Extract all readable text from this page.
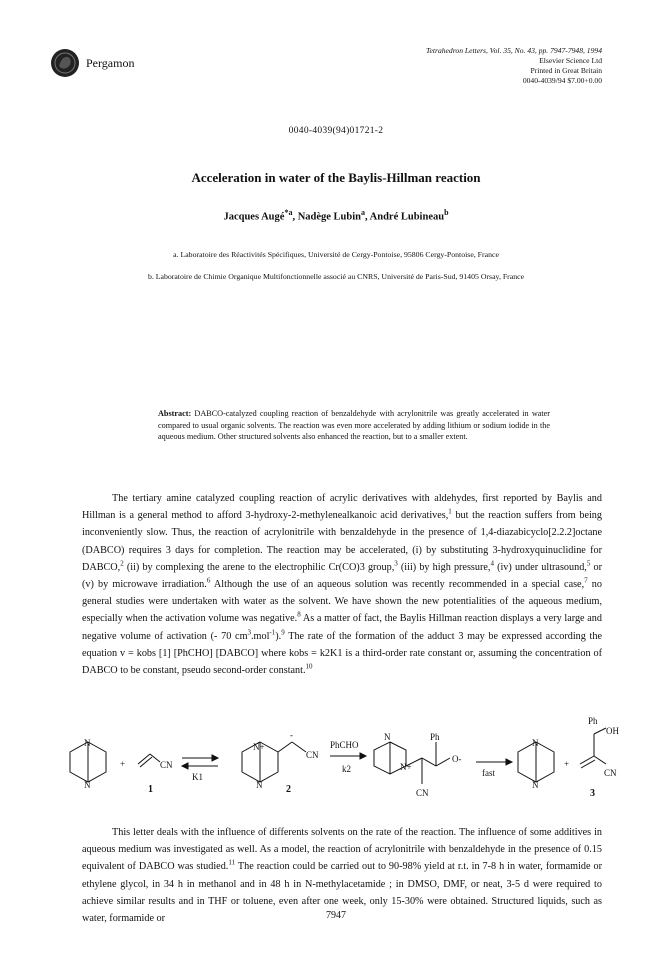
Pergamon
Tetrahedron Letters, Vol. 35, No. 43, pp. 7947-7948, 1994
Elsevier Science Ltd
Printed in Great Britain
0040-4039/94 $7.00+0.00
0040-4039(94)01721-2
Acceleration in water of the Baylis-Hillman reaction
Jacques Augé$^{*a}$, Nadège Lubin$^a$, André Lubineau$^b$
a. Laboratoire des Réactivités Spécifiques, Université de Cergy-Pontoise, 95806 Cergy-Pontoise, France
b. Laboratoire de Chimie Organique Multifonctionnelle associé au CNRS, Université de Paris-Sud, 91405 Orsay, France
Abstract: DABCO-catalyzed coupling reaction of benzaldehyde with acrylonitrile was greatly accelerated in water compared to usual organic solvents. The reaction was even more accelerated by adding lithium or sodium iodide in the aqueous medium. Other structured solvents also enhanced the reaction, but to a smaller extent.
The tertiary amine catalyzed coupling reaction of acrylic derivatives with aldehydes, first reported by Baylis and Hillman is a general method to afford 3-hydroxy-2-methylenealkanoic acid derivatives,$^1$ but the reaction suffers from being inconveniently slow. Thus, the reaction of acrylonitrile with benzaldehyde in the presence of 1,4-diazabicyclo[2.2.2]octane (DABCO) requires 3 days for completion. The reaction may be accelerated, (i) by substituting 3-hydroxyquinuclidine for DABCO,$^2$ (ii) by complexing the arene to the electrophilic Cr(CO)3 group,$^3$ (iii) by high pressure,$^4$ (iv) under ultrasound,$^5$ or (v) by microwave irradiation.$^6$ Although the use of an aqueous solution was recently recommended in a special case,$^7$ no general studies were undertaken with water as the solvent. We have shown the new potentialities of the aqueous medium, especially when the activation volume was negative.$^8$ As a matter of fact, the Baylis Hillman reaction displays a very large and negative volume of activation (- 70 $cm^3.mol^{-1}).^9$ The rate of the formation of the adduct 3 may be expressed according the equation v = kobs [1] [PhCHO] [DABCO] where kobs = k2K1 is a third-order rate constant or, assuming the concentration of DABCO to be constant, pseudo second-order constant.$^{10}$
N
N
+	CN
1
K1
N+
N
-
CN
2
PhCHO
k2
N
N+
Ph
O-
CN
fast
N
N
+
Ph
OH
CN
3
This letter deals with the influence of differents solvents on the rate of the reaction. The influence of some additives in aqueous medium was investigated as well. As a model, the reaction of acrylonitrile with benzaldehyde in the presence of 0.15 equivalent of DABCO was studied.$^{11}$ The reaction could be carried out to 90-98% yield at r.t. in 7-8 h in water, formamide or ethylene glycol, in 34 h in methanol and in 48 h in N-methylacetamide ; in DMSO, DMF, or neat, 3-5 d were required to achieve similar results and in THF or toluene, even after one week, only 15-30% were obtained. Structured liquids, such as water, formamide or	7947
